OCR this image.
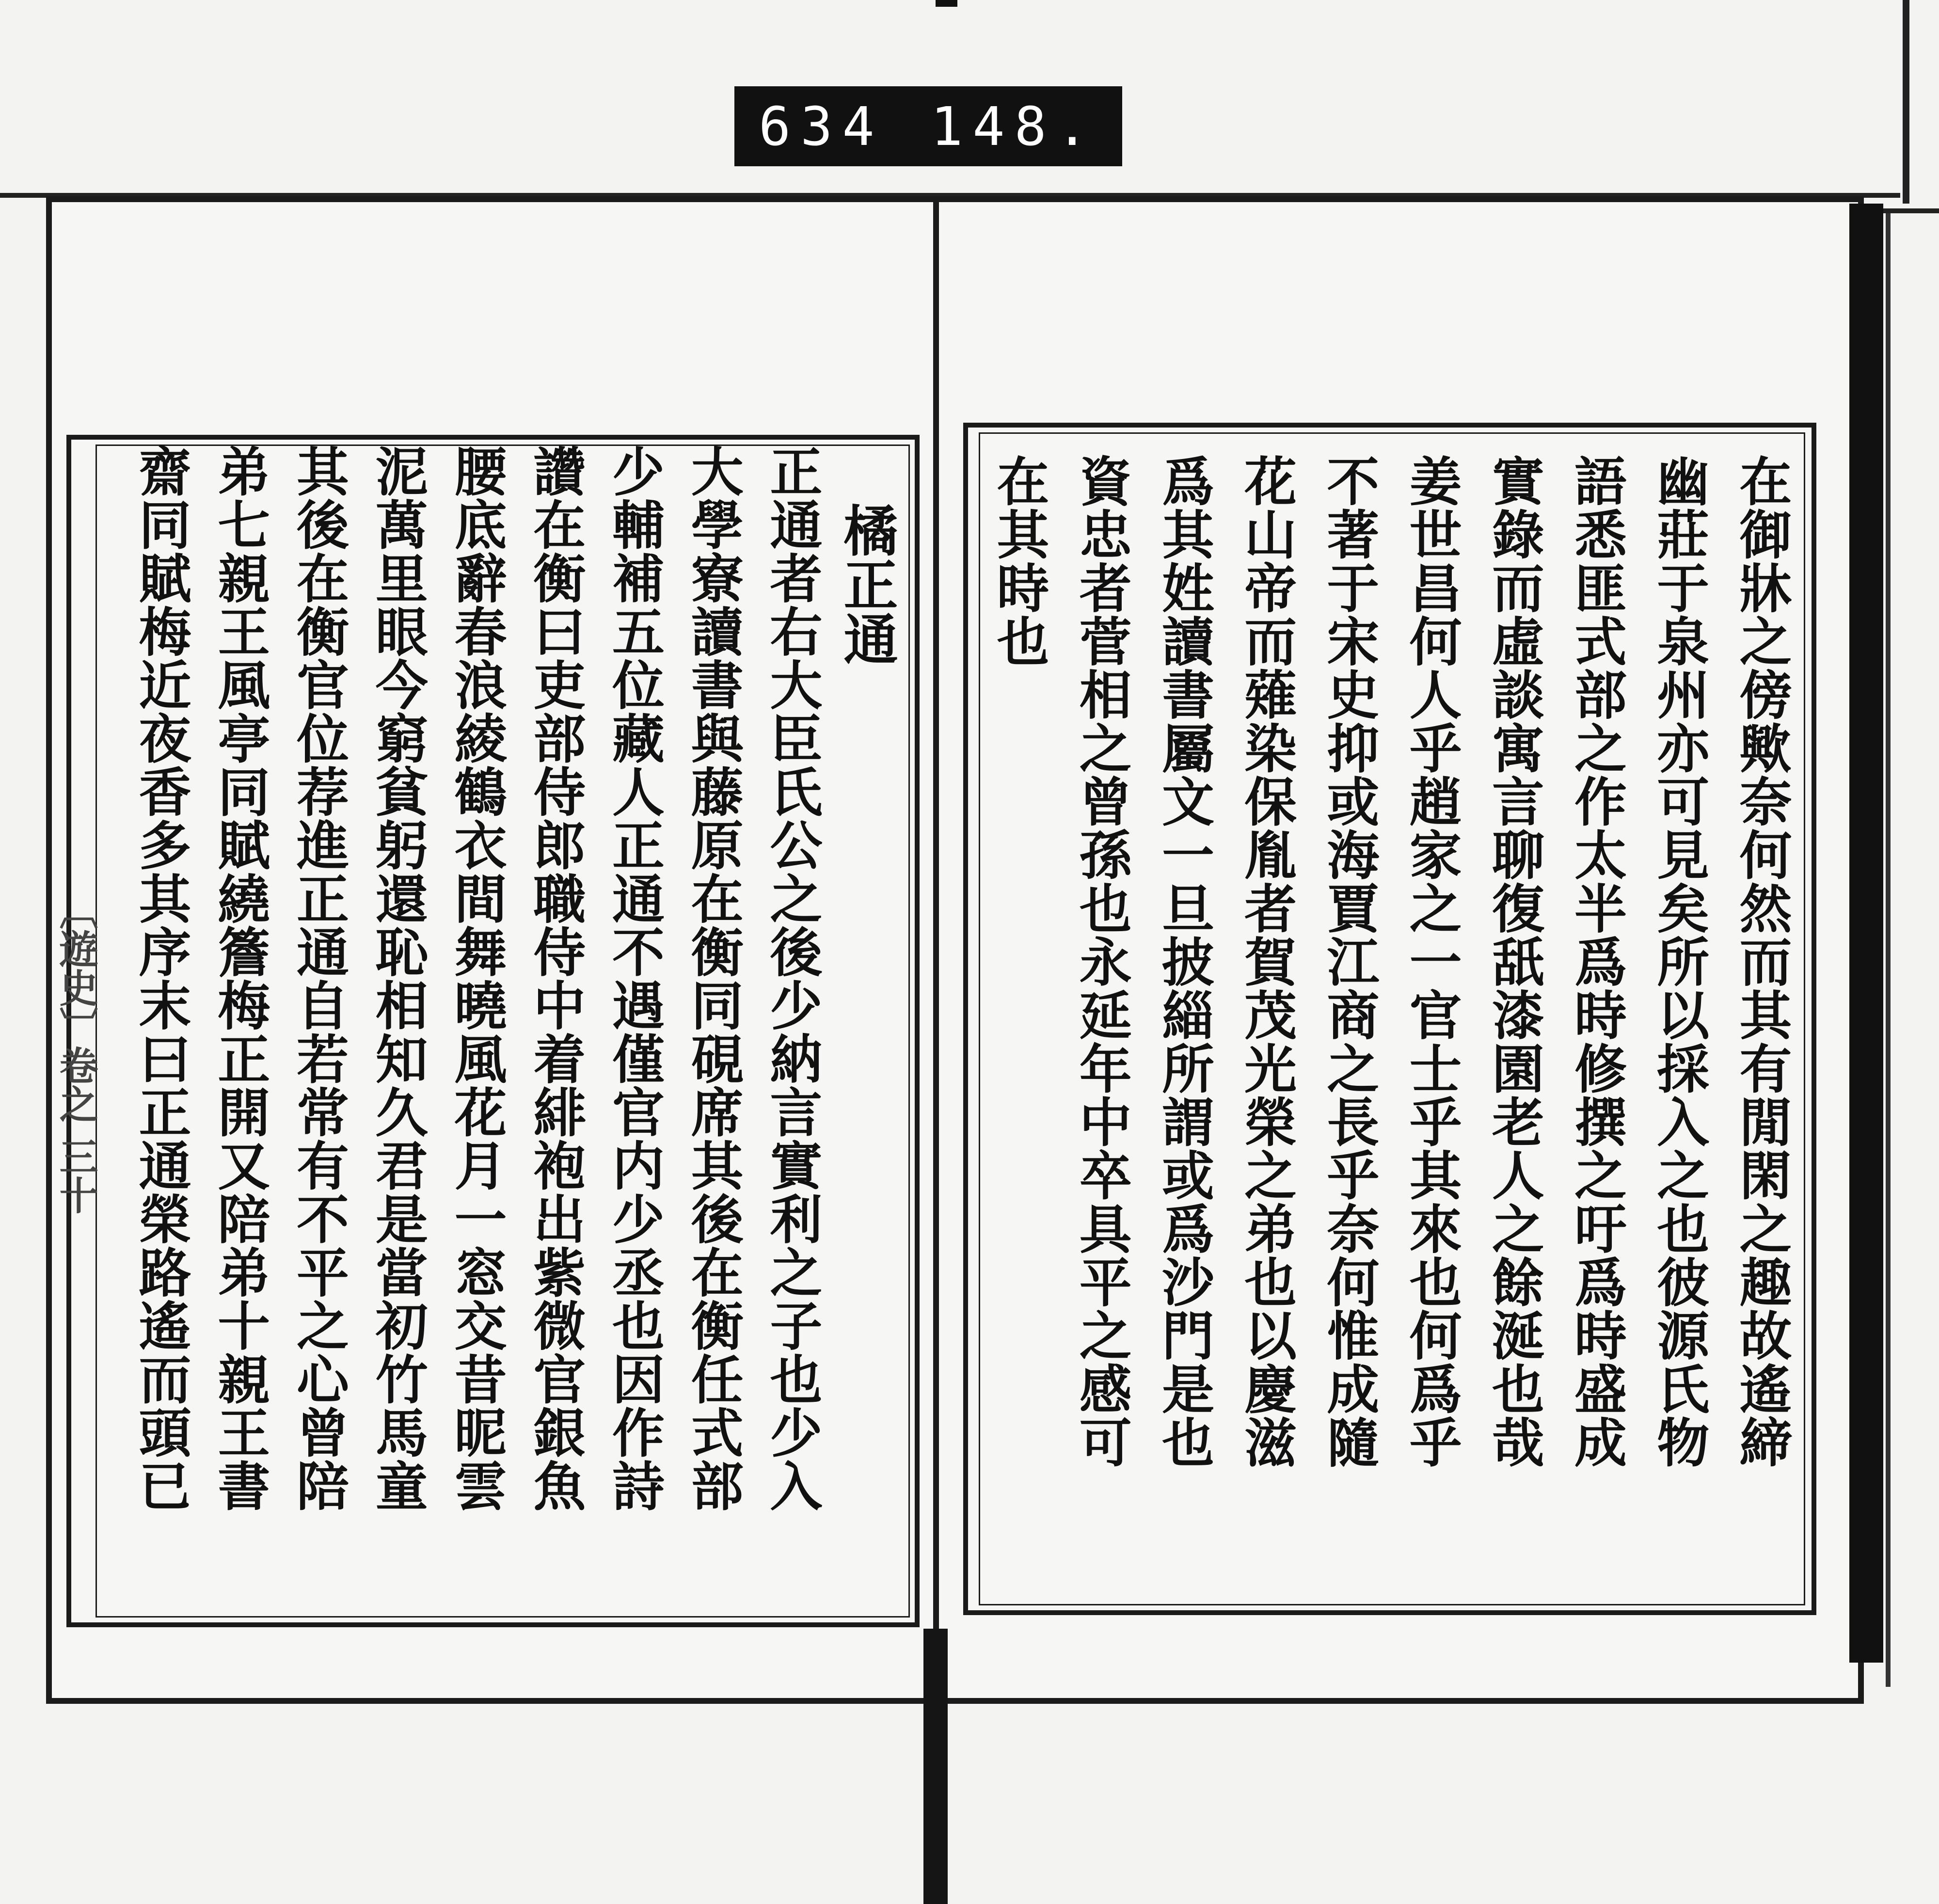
634 148.
橘正通
正通者右大臣氏公之後少納言實利之子也少入
大學寮讀書與藤原在衡同硯席其後在衡任式部
少輔補五位藏人正通不遇僅官内少丞也因作詩
讚在衡曰吏部侍郎職侍中着緋袍出紫微官銀魚
腰底辭春浪綾鶴衣間舞曉風花月一窓交昔昵雲
泥萬里眼今窮貧躬還恥相知久君是當初竹馬童
其後在衡官位荐進正通自若常有不平之心曾陪
弟七親王風亭同賦繞簷梅正開又陪弟十親王書
齋同賦梅近夜香多其序末曰正通榮路遙而頭已
〔遊史〕卷之 三十	在御牀之傍歟奈何然而其有閒閑之趣故遙締
幽莊于泉州亦可見矣所以採入之也彼源氏物
語悉匪式部之作太半爲時修撰之吁爲時盛成
實錄而虛談寓言聊復舐漆園老人之餘涎也哉
姜世昌何人乎趙家之一官士乎其來也何爲乎
不著于宋史抑或海賈江商之長乎奈何惟成隨
花山帝而薙染保胤者賀茂光榮之弟也以慶滋
爲其姓讀書屬文一旦披緇所謂或爲沙門是也
資忠者菅相之曾孫也永延年中卒具平之感可
在其時也
